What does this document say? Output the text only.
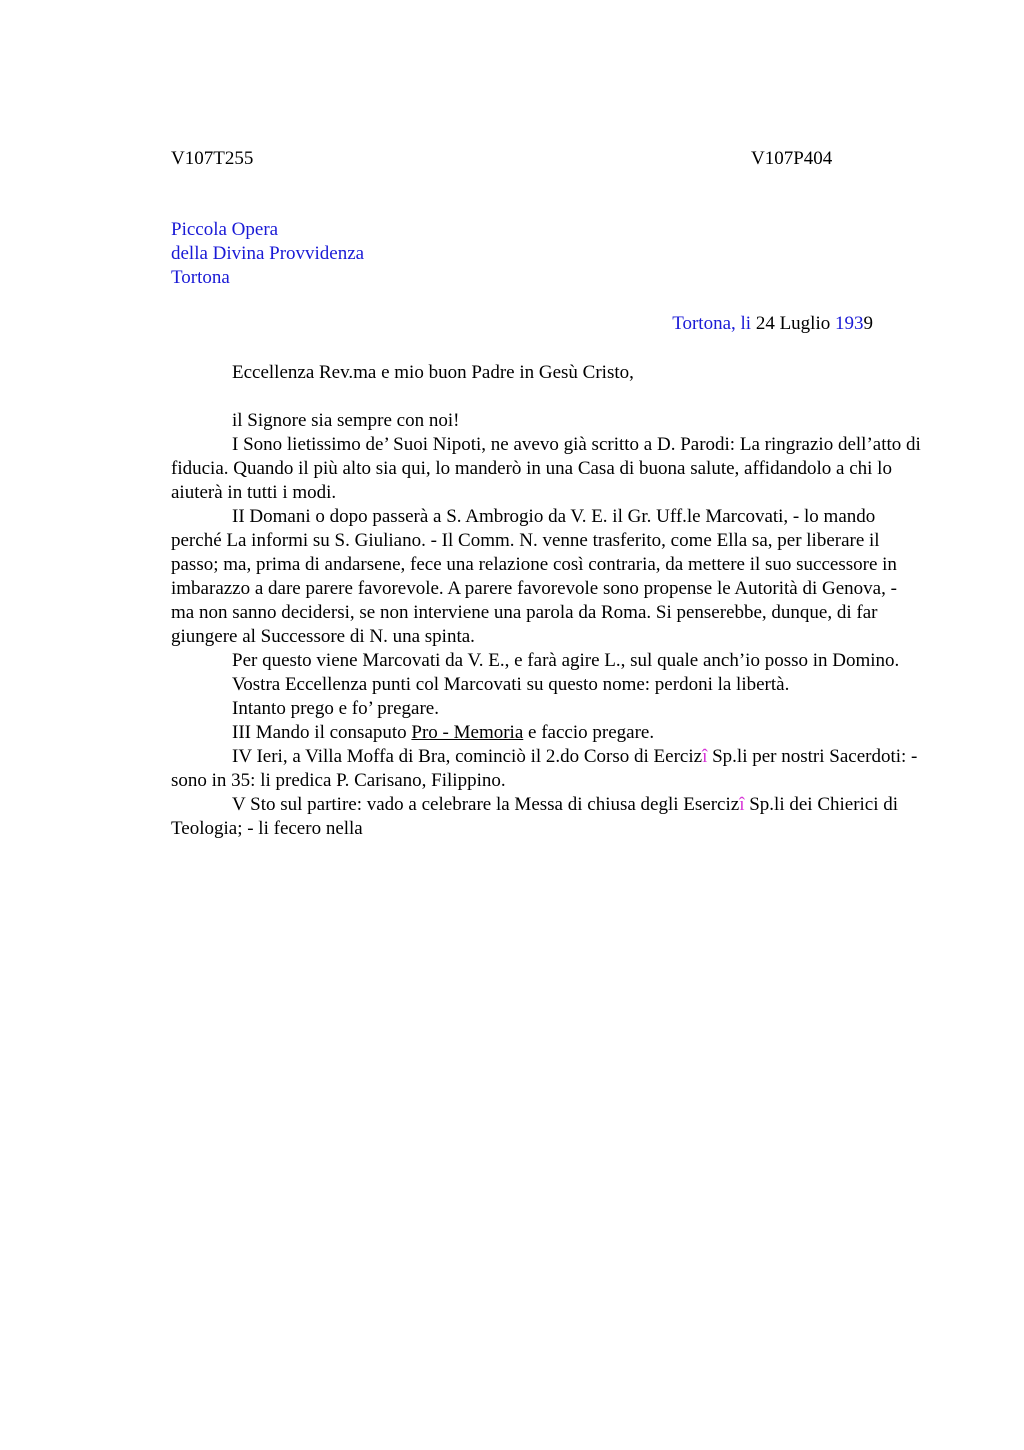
V107T255	V107P404
Piccola Opera
della Divina Provvidenza
Tortona
Tortona, li 24 Luglio 1939

Eccellenza Rev.ma e mio buon Padre in Gesù Cristo,

il Signore sia sempre con noi!

I Sono lietissimo de’ Suoi Nipoti, ne avevo già scritto a D. Parodi: La ringrazio dell’atto di fiducia. Quando il più alto sia qui, lo manderò in una Casa di buona salute, affidandolo a chi lo aiuterà in tutti i modi.

II Domani o dopo passerà a S. Ambrogio da V. E. il Gr. Uff.le Marcovati, - lo mando perché La informi su S. Giuliano. - Il Comm. N. venne trasferito, come Ella sa, per liberare il passo; ma, prima di andarsene, fece una relazione così contraria, da mettere il suo successore in imbarazzo a dare parere favorevole. A parere favorevole sono propense le Autorità di Genova, - ma non sanno decidersi, se non interviene una parola da Roma. Si penserebbe, dunque, di far giungere al Successore di N. una spinta.

Per questo viene Marcovati da V. E., e farà agire L., sul quale anch’io posso in Domino.

Vostra Eccellenza punti col Marcovati su questo nome: perdoni la libertà.

Intanto prego e fo’ pregare.

III Mando il consaputo Pro - Memoria e faccio pregare.

IV Ieri, a Villa Moffa di Bra, cominciò il 2.do Corso di Eercizî Sp.li per nostri Sacerdoti: - sono in 35: li predica P. Carisano, Filippino.

V Sto sul partire: vado a celebrare la Messa di chiusa degli Esercizî Sp.li dei Chierici di Teologia; - li fecero nella
